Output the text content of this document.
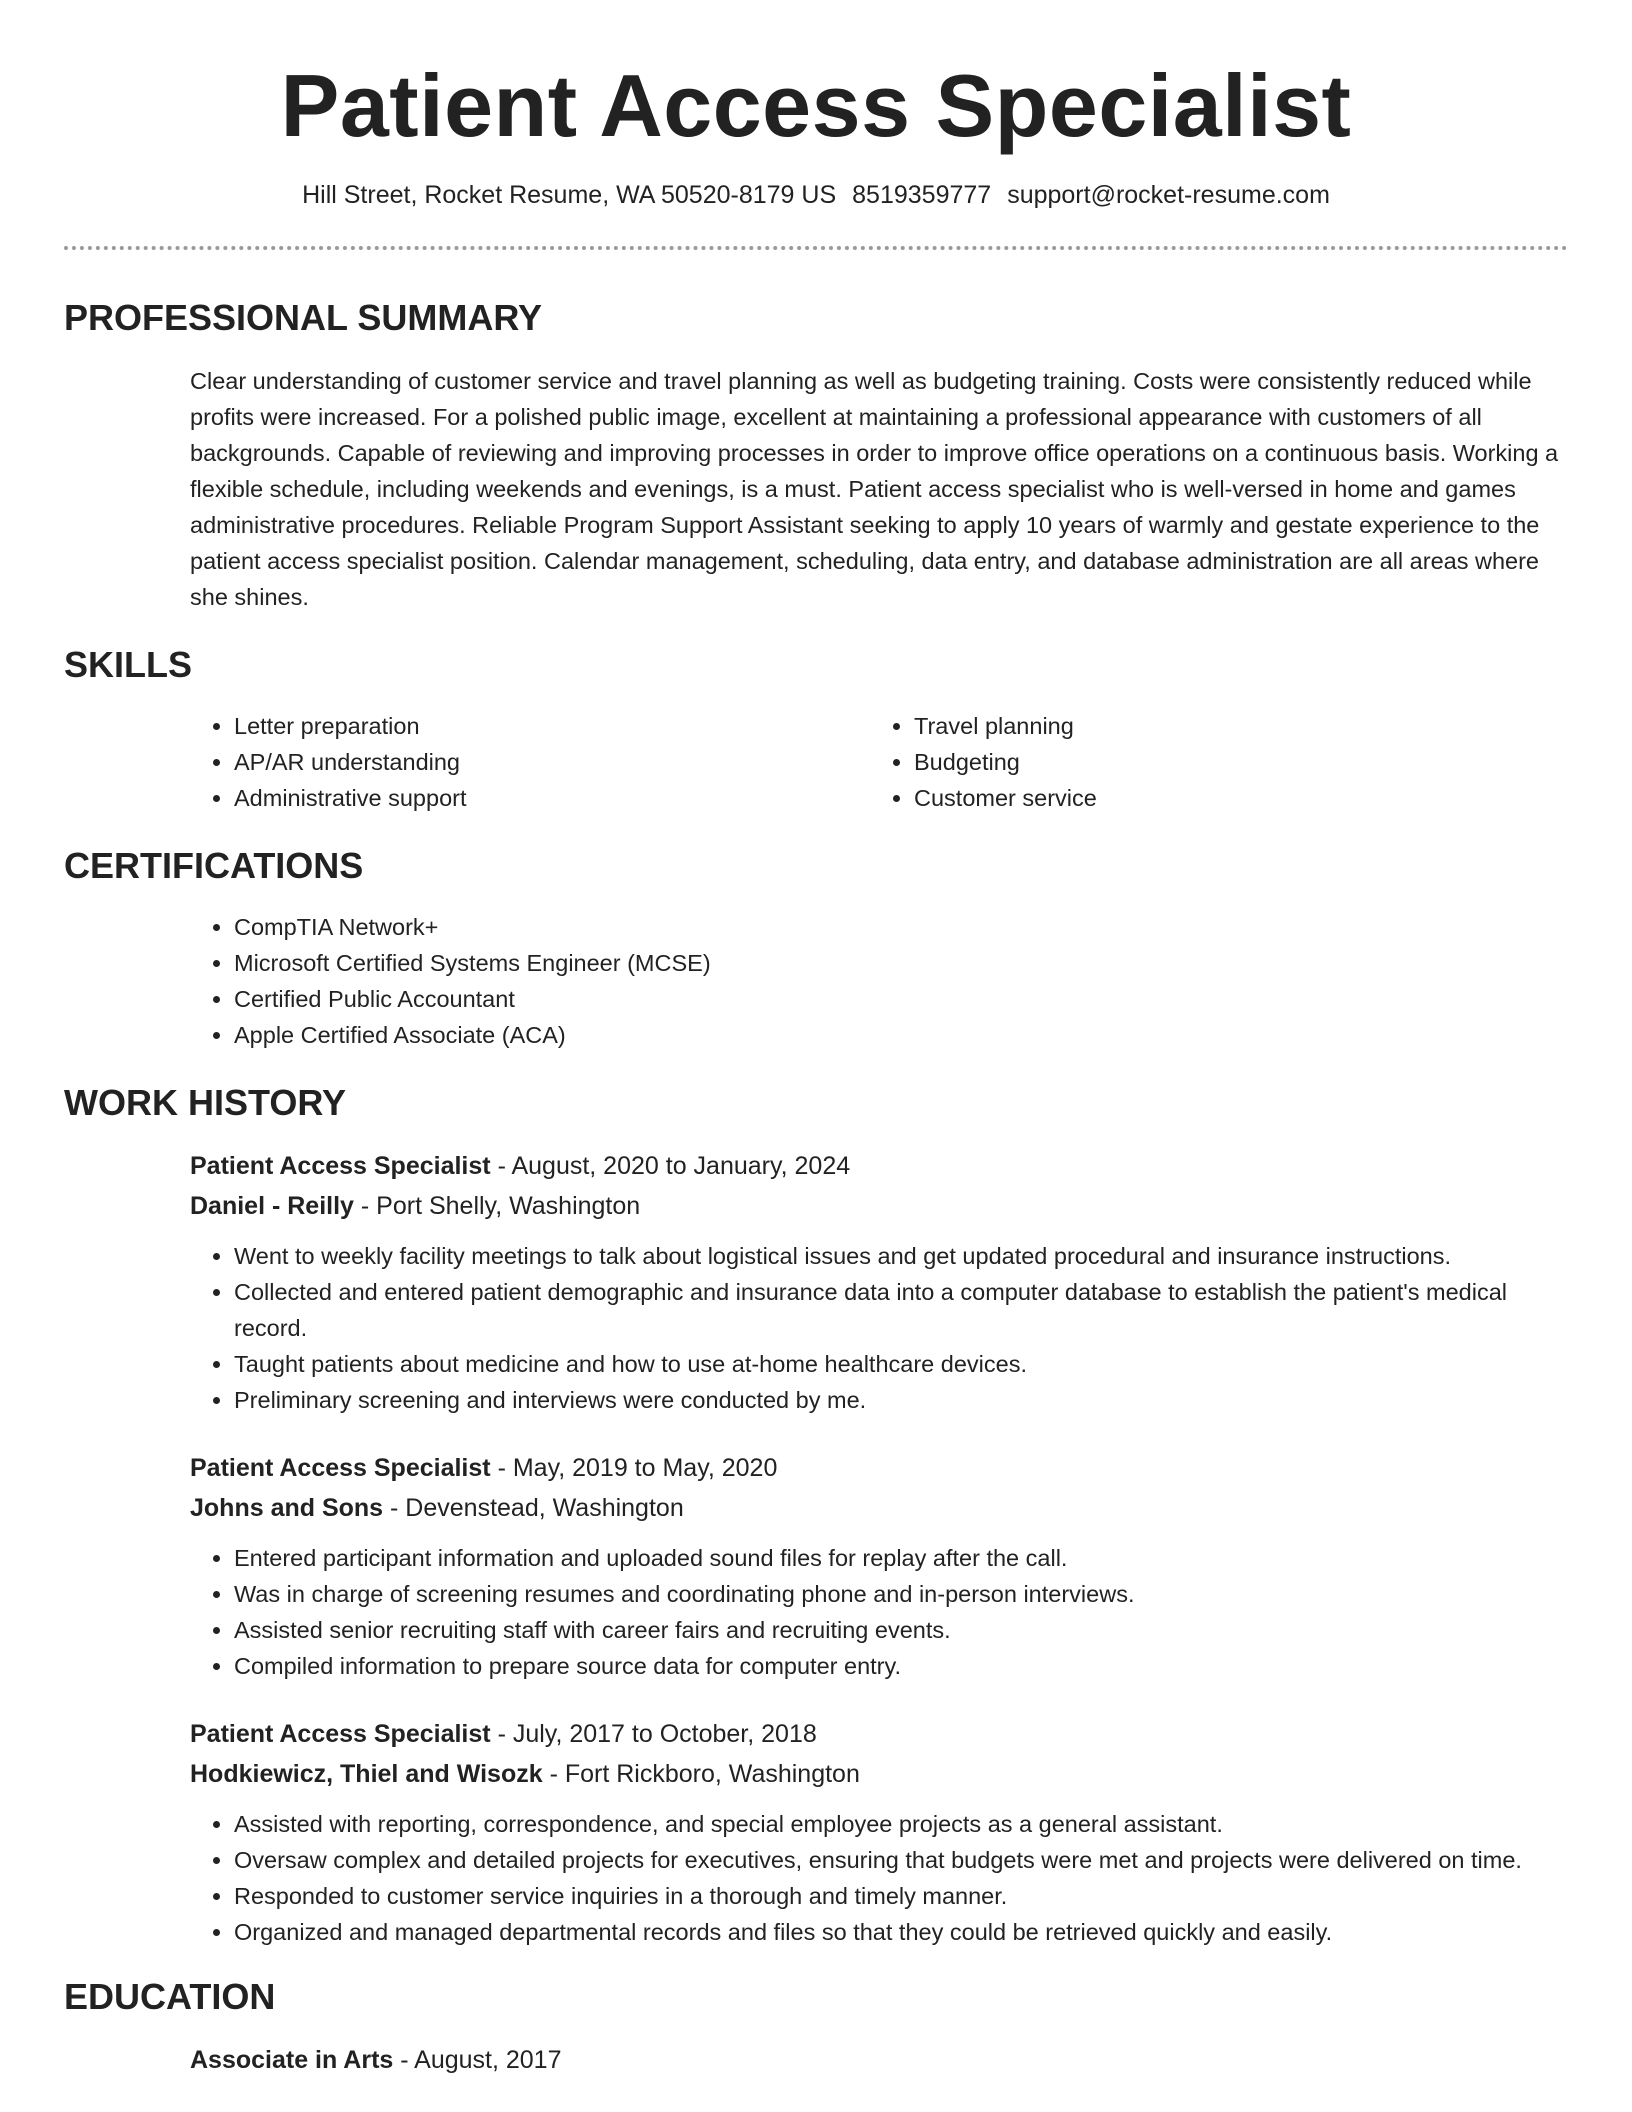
Patient Access Specialist
Hill Street, Rocket Resume, WA 50520-8179 US 8519359777 support@rocket-resume.com
PROFESSIONAL SUMMARY
Clear understanding of customer service and travel planning as well as budgeting training. Costs were consistently reduced while profits were increased. For a polished public image, excellent at maintaining a professional appearance with customers of all backgrounds. Capable of reviewing and improving processes in order to improve office operations on a continuous basis. Working a flexible schedule, including weekends and evenings, is a must. Patient access specialist who is well-versed in home and games administrative procedures. Reliable Program Support Assistant seeking to apply 10 years of warmly and gestate experience to the patient access specialist position. Calendar management, scheduling, data entry, and database administration are all areas where she shines.
SKILLS
• Letter preparation
• AP/AR understanding
• Administrative support
• Travel planning
• Budgeting
• Customer service
CERTIFICATIONS
• CompTIA Network+
• Microsoft Certified Systems Engineer (MCSE)
• Certified Public Accountant
• Apple Certified Associate (ACA)
WORK HISTORY
Patient Access Specialist - August, 2020 to January, 2024
Daniel - Reilly - Port Shelly, Washington
• Went to weekly facility meetings to talk about logistical issues and get updated procedural and insurance instructions.
• Collected and entered patient demographic and insurance data into a computer database to establish the patient's medical record.
• Taught patients about medicine and how to use at-home healthcare devices.
• Preliminary screening and interviews were conducted by me.
Patient Access Specialist - May, 2019 to May, 2020
Johns and Sons - Devenstead, Washington
• Entered participant information and uploaded sound files for replay after the call.
• Was in charge of screening resumes and coordinating phone and in-person interviews.
• Assisted senior recruiting staff with career fairs and recruiting events.
• Compiled information to prepare source data for computer entry.
Patient Access Specialist - July, 2017 to October, 2018
Hodkiewicz, Thiel and Wisozk - Fort Rickboro, Washington
• Assisted with reporting, correspondence, and special employee projects as a general assistant.
• Oversaw complex and detailed projects for executives, ensuring that budgets were met and projects were delivered on time.
• Responded to customer service inquiries in a thorough and timely manner.
• Organized and managed departmental records and files so that they could be retrieved quickly and easily.
EDUCATION
Associate in Arts - August, 2017
